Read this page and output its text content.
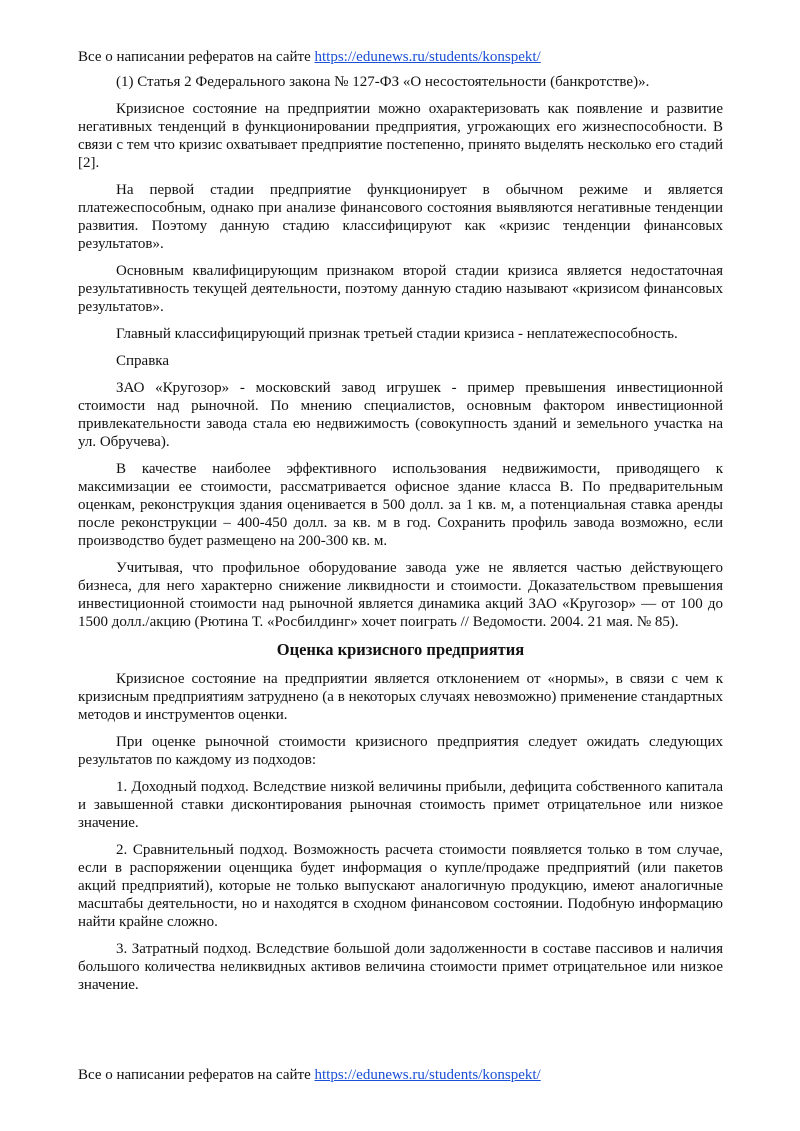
Все о написании рефератов на сайте https://edunews.ru/students/konspekt/

(1) Статья 2 Федерального закона № 127-ФЗ «О несостоятельности (банкротстве)».

Кризисное состояние на предприятии можно охарактеризовать как появление и развитие негативных тенденций в функционировании предприятия, угрожающих его жизнеспособности. В связи с тем что кризис охватывает предприятие постепенно, принято выделять несколько его стадий [2].

На первой стадии предприятие функционирует в обычном режиме и является платежеспособным, однако при анализе финансового состояния выявляются негативные тенденции развития. Поэтому данную стадию классифицируют как «кризис тенденции финансовых результатов».

Основным квалифицирующим признаком второй стадии кризиса является недостаточная результативность текущей деятельности, поэтому данную стадию называют «кризисом финансовых результатов».

Главный классифицирующий признак третьей стадии кризиса - неплатежеспособность.

Справка

ЗАО «Кругозор» - московский завод игрушек - пример превышения инвестиционной стоимости над рыночной. По мнению специалистов, основным фактором инвестиционной привлекательности завода стала ею недвижимость (совокупность зданий и земельного участка на ул. Обручева).

В качестве наиболее эффективного использования недвижимости, приводящего к максимизации ее стоимости, рассматривается офисное здание класса В. По предварительным оценкам, реконструкция здания оценивается в 500 долл. за 1 кв. м, а потенциальная ставка аренды после реконструкции – 400-450 долл. за кв. м в год. Сохранить профиль завода возможно, если производство будет размещено на 200-300 кв. м.

Учитывая, что профильное оборудование завода уже не является частью действующего бизнеса, для него характерно снижение ликвидности и стоимости. Доказательством превышения инвестиционной стоимости над рыночной является динамика акций ЗАО «Кругозор» — от 100 до 1500 долл./акцию (Рютина Т. «Росбилдинг» хочет поиграть // Ведомости. 2004. 21 мая. № 85).

Оценка кризисного предприятия

Кризисное состояние на предприятии является отклонением от «нормы», в связи с чем к кризисным предприятиям затруднено (а в некоторых случаях невозможно) применение стандартных методов и инструментов оценки.

При оценке рыночной стоимости кризисного предприятия следует ожидать следующих результатов по каждому из подходов:

1. Доходный подход. Вследствие низкой величины прибыли, дефицита собственного капитала и завышенной ставки дисконтирования рыночная стоимость примет отрицательное или низкое значение.

2. Сравнительный подход. Возможность расчета стоимости появляется только в том случае, если в распоряжении оценщика будет информация о купле/продаже предприятий (или пакетов акций предприятий), которые не только выпускают аналогичную продукцию, имеют аналогичные масштабы деятельности, но и находятся в сходном финансовом состоянии. Подобную информацию найти крайне сложно.

3. Затратный подход. Вследствие большой доли задолженности в составе пассивов и наличия большого количества неликвидных активов величина стоимости примет отрицательное или низкое значение.

Все о написании рефератов на сайте https://edunews.ru/students/konspekt/
